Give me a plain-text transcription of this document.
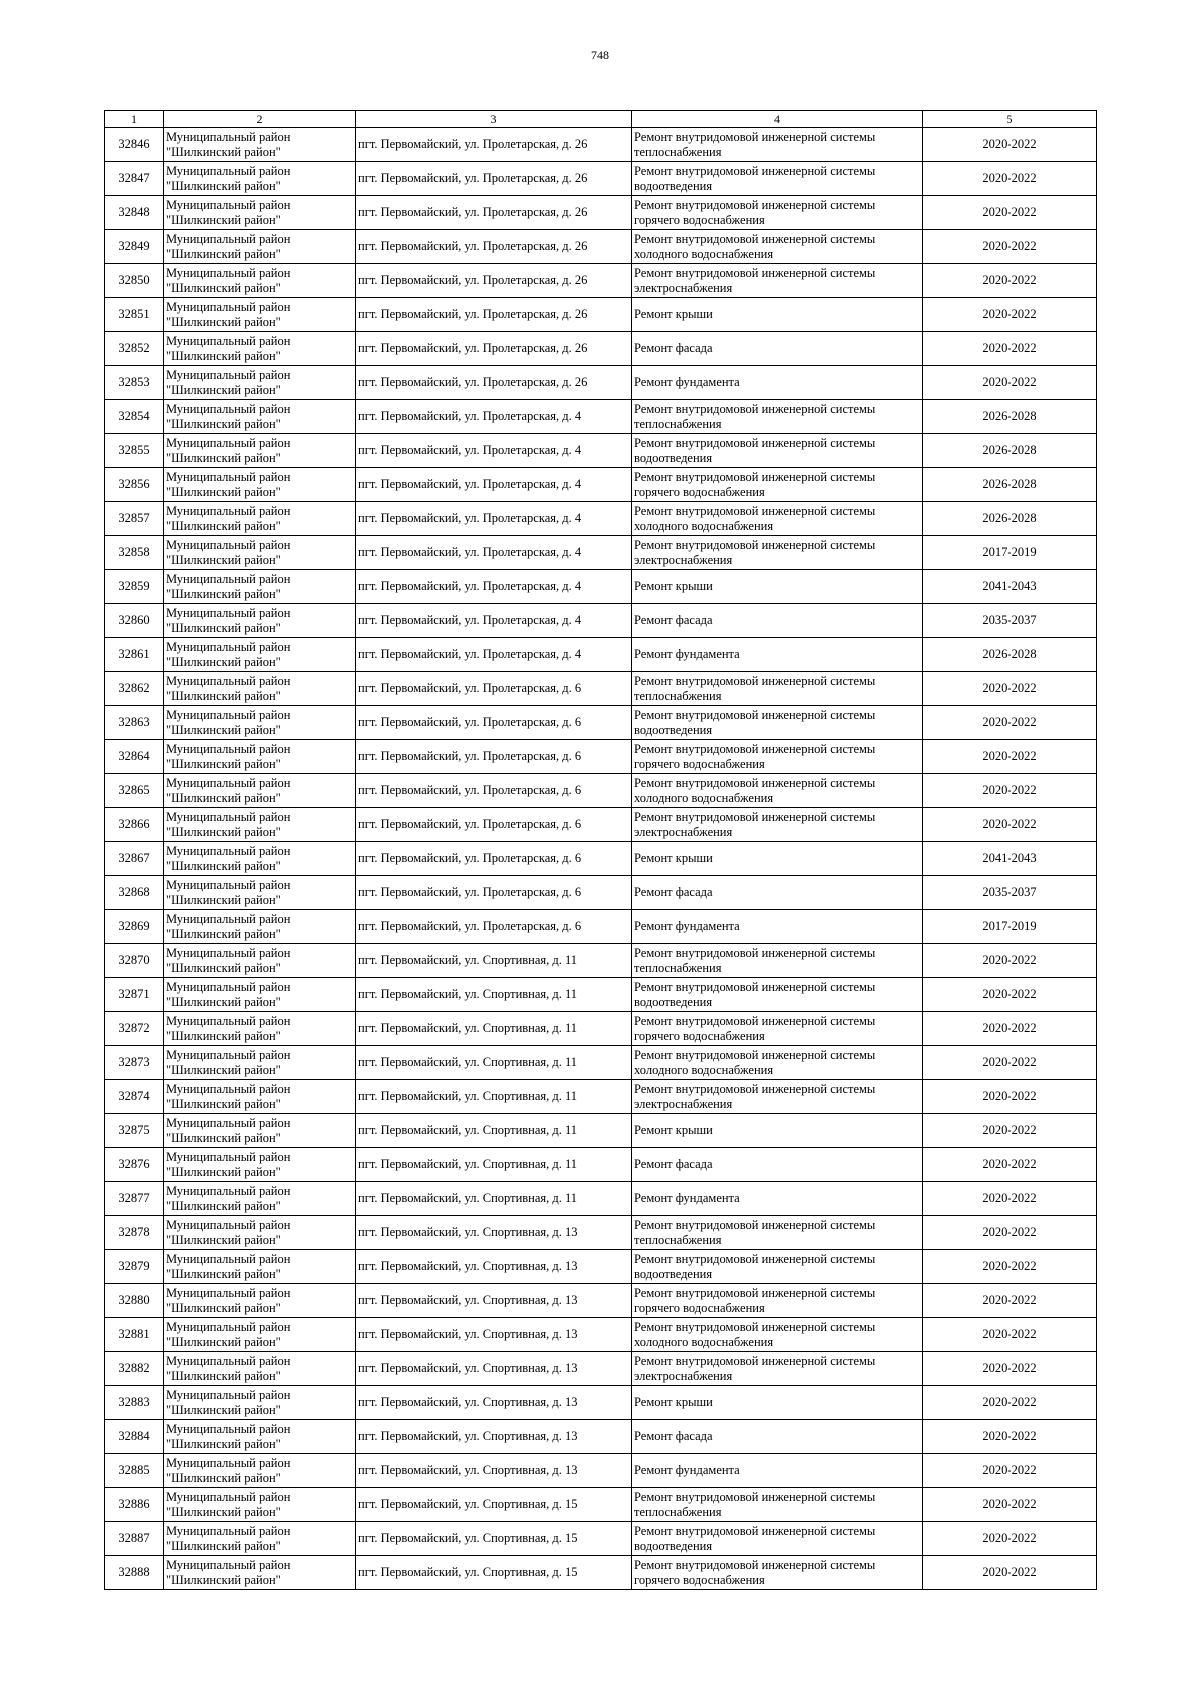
748
1	2	3	4	5

32846	Муниципальный район
"Шилкинский район"	пгт. Первомайский, ул. Пролетарская, д. 26	Ремонт внутридомовой инженерной системы
теплоснабжения	2020-2022

32847	Муниципальный район
"Шилкинский район"	пгт. Первомайский, ул. Пролетарская, д. 26	Ремонт внутридомовой инженерной системы
водоотведения	2020-2022

32848	Муниципальный район
"Шилкинский район"	пгт. Первомайский, ул. Пролетарская, д. 26	Ремонт внутридомовой инженерной системы
горячего водоснабжения	2020-2022

32849	Муниципальный район
"Шилкинский район"	пгт. Первомайский, ул. Пролетарская, д. 26	Ремонт внутридомовой инженерной системы
холодного водоснабжения	2020-2022

32850	Муниципальный район
"Шилкинский район"	пгт. Первомайский, ул. Пролетарская, д. 26	Ремонт внутридомовой инженерной системы
электроснабжения	2020-2022

32851	Муниципальный район
"Шилкинский район"	пгт. Первомайский, ул. Пролетарская, д. 26	Ремонт крыши	2020-2022

32852	Муниципальный район
"Шилкинский район"	пгт. Первомайский, ул. Пролетарская, д. 26	Ремонт фасада	2020-2022

32853	Муниципальный район
"Шилкинский район"	пгт. Первомайский, ул. Пролетарская, д. 26	Ремонт фундамента	2020-2022

32854	Муниципальный район
"Шилкинский район"	пгт. Первомайский, ул. Пролетарская, д. 4	Ремонт внутридомовой инженерной системы
теплоснабжения	2026-2028

32855	Муниципальный район
"Шилкинский район"	пгт. Первомайский, ул. Пролетарская, д. 4	Ремонт внутридомовой инженерной системы
водоотведения	2026-2028

32856	Муниципальный район
"Шилкинский район"	пгт. Первомайский, ул. Пролетарская, д. 4	Ремонт внутридомовой инженерной системы
горячего водоснабжения	2026-2028

32857	Муниципальный район
"Шилкинский район"	пгт. Первомайский, ул. Пролетарская, д. 4	Ремонт внутридомовой инженерной системы
холодного водоснабжения	2026-2028

32858	Муниципальный район
"Шилкинский район"	пгт. Первомайский, ул. Пролетарская, д. 4	Ремонт внутридомовой инженерной системы
электроснабжения	2017-2019

32859	Муниципальный район
"Шилкинский район"	пгт. Первомайский, ул. Пролетарская, д. 4	Ремонт крыши	2041-2043

32860	Муниципальный район
"Шилкинский район"	пгт. Первомайский, ул. Пролетарская, д. 4	Ремонт фасада	2035-2037

32861	Муниципальный район
"Шилкинский район"	пгт. Первомайский, ул. Пролетарская, д. 4	Ремонт фундамента	2026-2028

32862	Муниципальный район
"Шилкинский район"	пгт. Первомайский, ул. Пролетарская, д. 6	Ремонт внутридомовой инженерной системы
теплоснабжения	2020-2022

32863	Муниципальный район
"Шилкинский район"	пгт. Первомайский, ул. Пролетарская, д. 6	Ремонт внутридомовой инженерной системы
водоотведения	2020-2022

32864	Муниципальный район
"Шилкинский район"	пгт. Первомайский, ул. Пролетарская, д. 6	Ремонт внутридомовой инженерной системы
горячего водоснабжения	2020-2022

32865	Муниципальный район
"Шилкинский район"	пгт. Первомайский, ул. Пролетарская, д. 6	Ремонт внутридомовой инженерной системы
холодного водоснабжения	2020-2022

32866	Муниципальный район
"Шилкинский район"	пгт. Первомайский, ул. Пролетарская, д. 6	Ремонт внутридомовой инженерной системы
электроснабжения	2020-2022

32867	Муниципальный район
"Шилкинский район"	пгт. Первомайский, ул. Пролетарская, д. 6	Ремонт крыши	2041-2043

32868	Муниципальный район
"Шилкинский район"	пгт. Первомайский, ул. Пролетарская, д. 6	Ремонт фасада	2035-2037

32869	Муниципальный район
"Шилкинский район"	пгт. Первомайский, ул. Пролетарская, д. 6	Ремонт фундамента	2017-2019

32870	Муниципальный район
"Шилкинский район"	пгт. Первомайский, ул. Спортивная, д. 11	Ремонт внутридомовой инженерной системы
теплоснабжения	2020-2022

32871	Муниципальный район
"Шилкинский район"	пгт. Первомайский, ул. Спортивная, д. 11	Ремонт внутридомовой инженерной системы
водоотведения	2020-2022

32872	Муниципальный район
"Шилкинский район"	пгт. Первомайский, ул. Спортивная, д. 11	Ремонт внутридомовой инженерной системы
горячего водоснабжения	2020-2022

32873	Муниципальный район
"Шилкинский район"	пгт. Первомайский, ул. Спортивная, д. 11	Ремонт внутридомовой инженерной системы
холодного водоснабжения	2020-2022

32874	Муниципальный район
"Шилкинский район"	пгт. Первомайский, ул. Спортивная, д. 11	Ремонт внутридомовой инженерной системы
электроснабжения	2020-2022

32875	Муниципальный район
"Шилкинский район"	пгт. Первомайский, ул. Спортивная, д. 11	Ремонт крыши	2020-2022

32876	Муниципальный район
"Шилкинский район"	пгт. Первомайский, ул. Спортивная, д. 11	Ремонт фасада	2020-2022

32877	Муниципальный район
"Шилкинский район"	пгт. Первомайский, ул. Спортивная, д. 11	Ремонт фундамента	2020-2022

32878	Муниципальный район
"Шилкинский район"	пгт. Первомайский, ул. Спортивная, д. 13	Ремонт внутридомовой инженерной системы
теплоснабжения	2020-2022

32879	Муниципальный район
"Шилкинский район"	пгт. Первомайский, ул. Спортивная, д. 13	Ремонт внутридомовой инженерной системы
водоотведения	2020-2022

32880	Муниципальный район
"Шилкинский район"	пгт. Первомайский, ул. Спортивная, д. 13	Ремонт внутридомовой инженерной системы
горячего водоснабжения	2020-2022

32881	Муниципальный район
"Шилкинский район"	пгт. Первомайский, ул. Спортивная, д. 13	Ремонт внутридомовой инженерной системы
холодного водоснабжения	2020-2022

32882	Муниципальный район
"Шилкинский район"	пгт. Первомайский, ул. Спортивная, д. 13	Ремонт внутридомовой инженерной системы
электроснабжения	2020-2022

32883	Муниципальный район
"Шилкинский район"	пгт. Первомайский, ул. Спортивная, д. 13	Ремонт крыши	2020-2022

32884	Муниципальный район
"Шилкинский район"	пгт. Первомайский, ул. Спортивная, д. 13	Ремонт фасада	2020-2022

32885	Муниципальный район
"Шилкинский район"	пгт. Первомайский, ул. Спортивная, д. 13	Ремонт фундамента	2020-2022

32886	Муниципальный район
"Шилкинский район"	пгт. Первомайский, ул. Спортивная, д. 15	Ремонт внутридомовой инженерной системы
теплоснабжения	2020-2022

32887	Муниципальный район
"Шилкинский район"	пгт. Первомайский, ул. Спортивная, д. 15	Ремонт внутридомовой инженерной системы
водоотведения	2020-2022

32888	Муниципальный район
"Шилкинский район"	пгт. Первомайский, ул. Спортивная, д. 15	Ремонт внутридомовой инженерной системы
горячего водоснабжения	2020-2022
